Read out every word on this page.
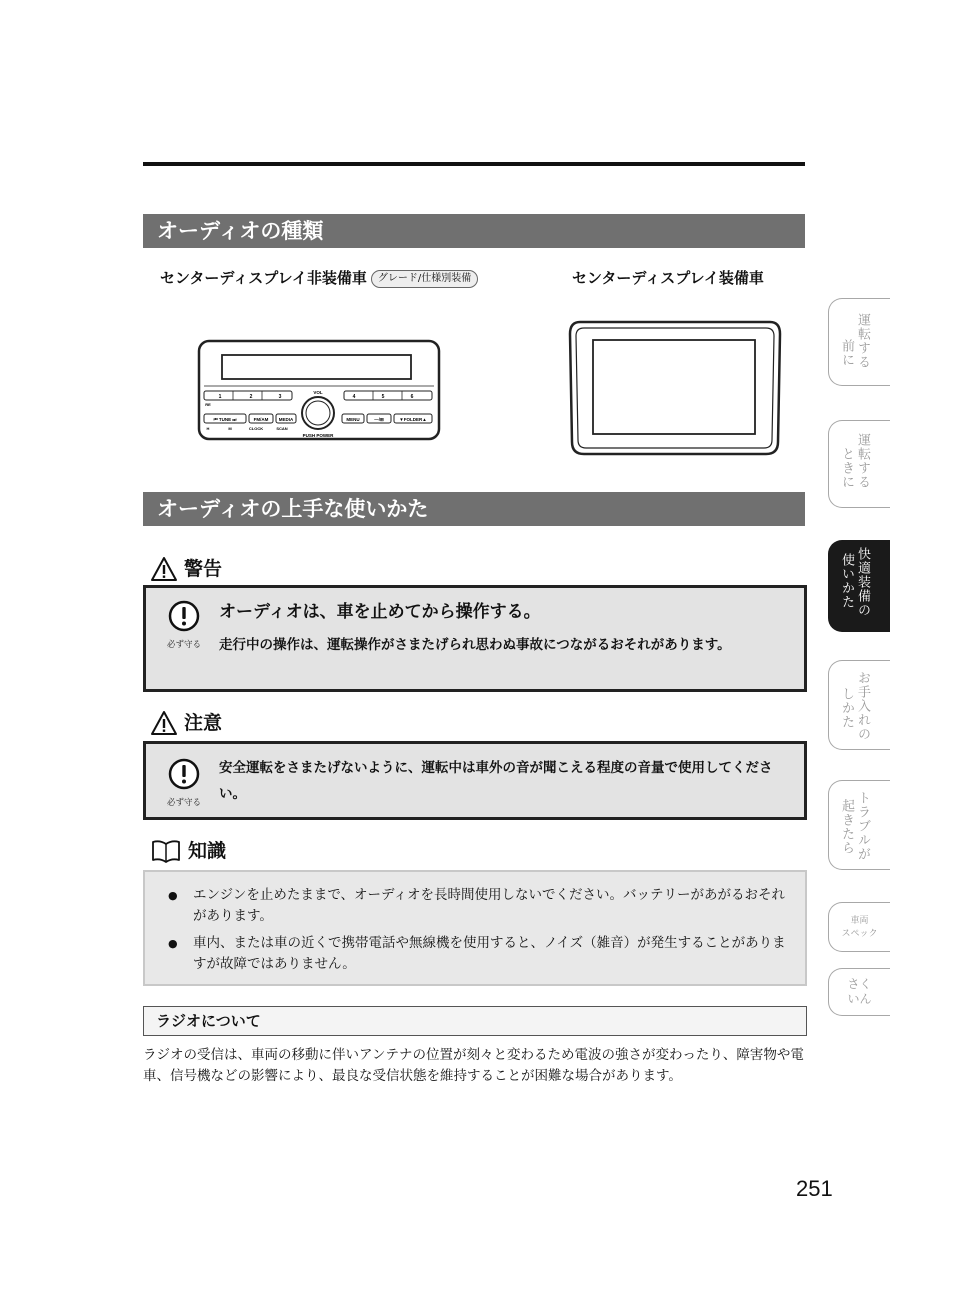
オーディオの種類
センターディスプレイ非装備車 グレード/仕様別装備	センターディスプレイ装備車
1	2	3
RE
4	5	6
⏮ TUNE ⏭	FM/AM MEDIA
H	M	CLOCK	SCAN
MENU	―/⊞	▼FOLDER▲
VOL
PUSH POWER
オーディオの上手な使いかた
警告
必ず守る
オーディオは、車を止めてから操作する。
走行中の操作は、運転操作がさまたげられ思わぬ事故につながるおそれがあります。
注意
必ず守る
安全運転をさまたげないように、運転中は車外の音が聞こえる程度の音量で使用してください。
知識
● エンジンを止めたままで、オーディオを長時間使用しないでください。バッテリーがあがるおそれがあります。
● 車内、または車の近くで携帯電話や無線機を使用すると、ノイズ（雑音）が発生することがありますが故障ではありません。
ラジオについて
ラジオの受信は、車両の移動に伴いアンテナの位置が刻々と変わるため電波の強さが変わったり、障害物や電車、信号機などの影響により、最良な受信状態を維持することが困難な場合があります。
251
前に 運転する
ときに 運転する
使いかた 快適装備の
しかた お手入れの
起きたら トラブルが
車両
スペック
さく
いん
